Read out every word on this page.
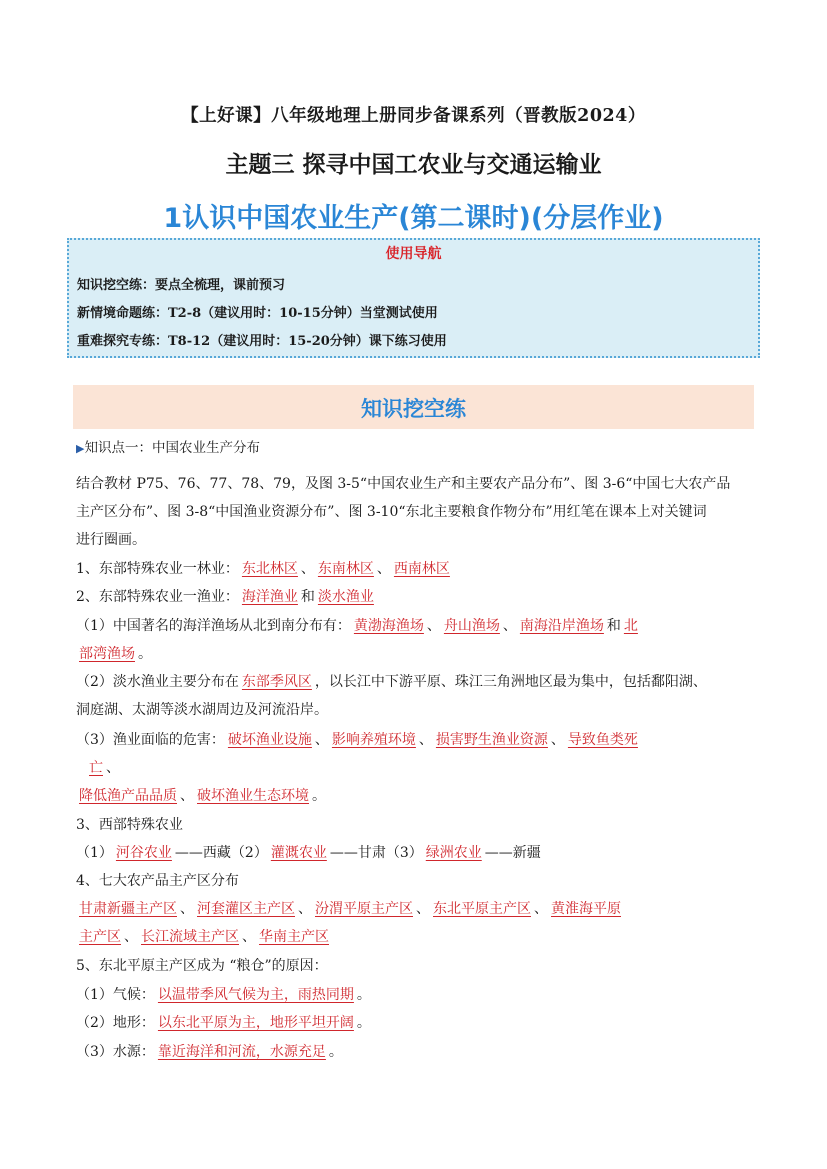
【上好课】八年级地理上册同步备课系列（晋教版2024）
主题三 探寻中国工农业与交通运输业
1认识中国农业生产(第二课时)(分层作业)
使用导航
知识挖空练：要点全梳理，课前预习
新情境命题练：T2-8（建议用时：10-15分钟）当堂测试使用
重难探究专练：T8-12（建议用时：15-20分钟）课下练习使用
知识挖空练
▶知识点一：中国农业生产分布
结合教材 P75、76、77、78、79，及图 3-5“中国农业生产和主要农产品分布”、图 3-6“中国七大农产品
主产区分布”、图 3-8“中国渔业资源分布”、图 3-10“东北主要粮食作物分布”用红笔在课本上对关键词
进行圈画。
1、东部特殊农业一林业： 东北林区 、 东南林区 、 西南林区
2、东部特殊农业一渔业： 海洋渔业 和 淡水渔业
（1）中国著名的海洋渔场从北到南分布有： 黄渤海渔场 、 舟山渔场 、 南海沿岸渔场 和 北
部湾渔场 。
（2）淡水渔业主要分布在 东部季风区 ，以长江中下游平原、珠江三角洲地区最为集中，包括鄱阳湖、
洞庭湖、太湖等淡水湖周边及河流沿岸。
（3）渔业面临的危害： 破坏渔业设施 、 影响养殖环境 、 损害野生渔业资源 、 导致鱼类死
亡 、
降低渔产品品质 、 破坏渔业生态环境 。
3、西部特殊农业
（1） 河谷农业 ——西藏（2） 灌溉农业 ——甘肃（3） 绿洲农业 ——新疆
4、七大农产品主产区分布
甘肃新疆主产区 、 河套灌区主产区 、 汾渭平原主产区 、 东北平原主产区 、 黄淮海平原
主产区 、 长江流域主产区 、 华南主产区
5、东北平原主产区成为 “粮仓”的原因：
（1）气候： 以温带季风气候为主，雨热同期 。
（2）地形： 以东北平原为主，地形平坦开阔 。
（3）水源： 靠近海洋和河流，水源充足 。
